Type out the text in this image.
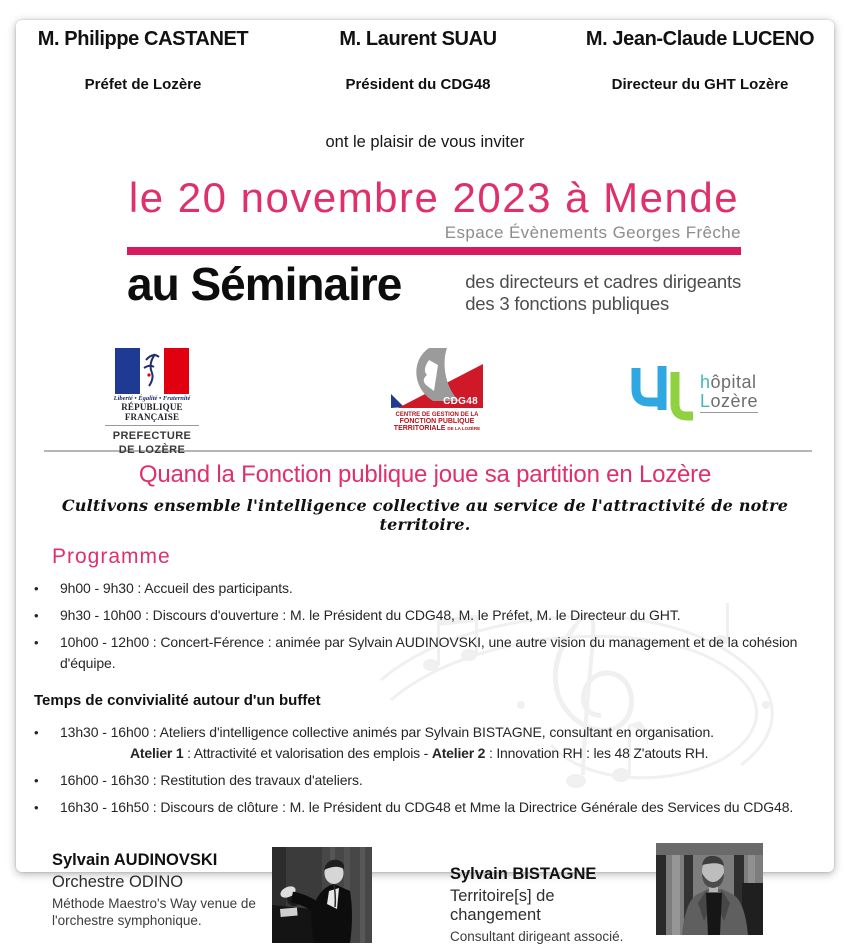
M. Philippe CASTANET
Préfet de Lozère
M. Laurent SUAU
Président du CDG48
M. Jean-Claude LUCENO
Directeur du GHT Lozère
ont le plaisir de vous inviter
le 20 novembre 2023 à Mende
Espace Évènements Georges Frêche
au Séminaire	des directeurs et cadres dirigeants
des 3 fonctions publiques
Liberté • Égalité • Fraternité
RÉPUBLIQUE FRANÇAISE
PREFECTURE
DE LOZÈRE
CDG48
CENTRE DE GESTION DE LA
FONCTION PUBLIQUE
TERRITORIALE DE LA LOZÈRE
hôpital
Lozère
Quand la Fonction publique joue sa partition en Lozère
Cultivons ensemble l'intelligence collective au service de l'attractivité de notre territoire.
Programme
• 9h00 - 9h30 : Accueil des participants.
• 9h30 - 10h00 : Discours d'ouverture : M. le Président du CDG48, M. le Préfet, M. le Directeur du GHT.
• 10h00 - 12h00 : Concert-Férence : animée par Sylvain AUDINOVSKI, une autre vision du management et de la cohésion d'équipe.
Temps de convivialité autour d'un buffet
• 13h30 - 16h00 : Ateliers d'intelligence collective animés par Sylvain BISTAGNE, consultant en organisation.
Atelier 1 : Attractivité et valorisation des emplois - Atelier 2 : Innovation RH : les 48 Z'atouts RH.
• 16h00 - 16h30 : Restitution des travaux d'ateliers.
• 16h30 - 16h50 : Discours de clôture : M. le Président du CDG48 et Mme la Directrice Générale des Services du CDG48.
Sylvain AUDINOVSKI
Orchestre ODINO
Méthode Maestro's Way venue de l'orchestre symphonique.
Sylvain BISTAGNE
Territoire[s] de changement
Consultant dirigeant associé.
